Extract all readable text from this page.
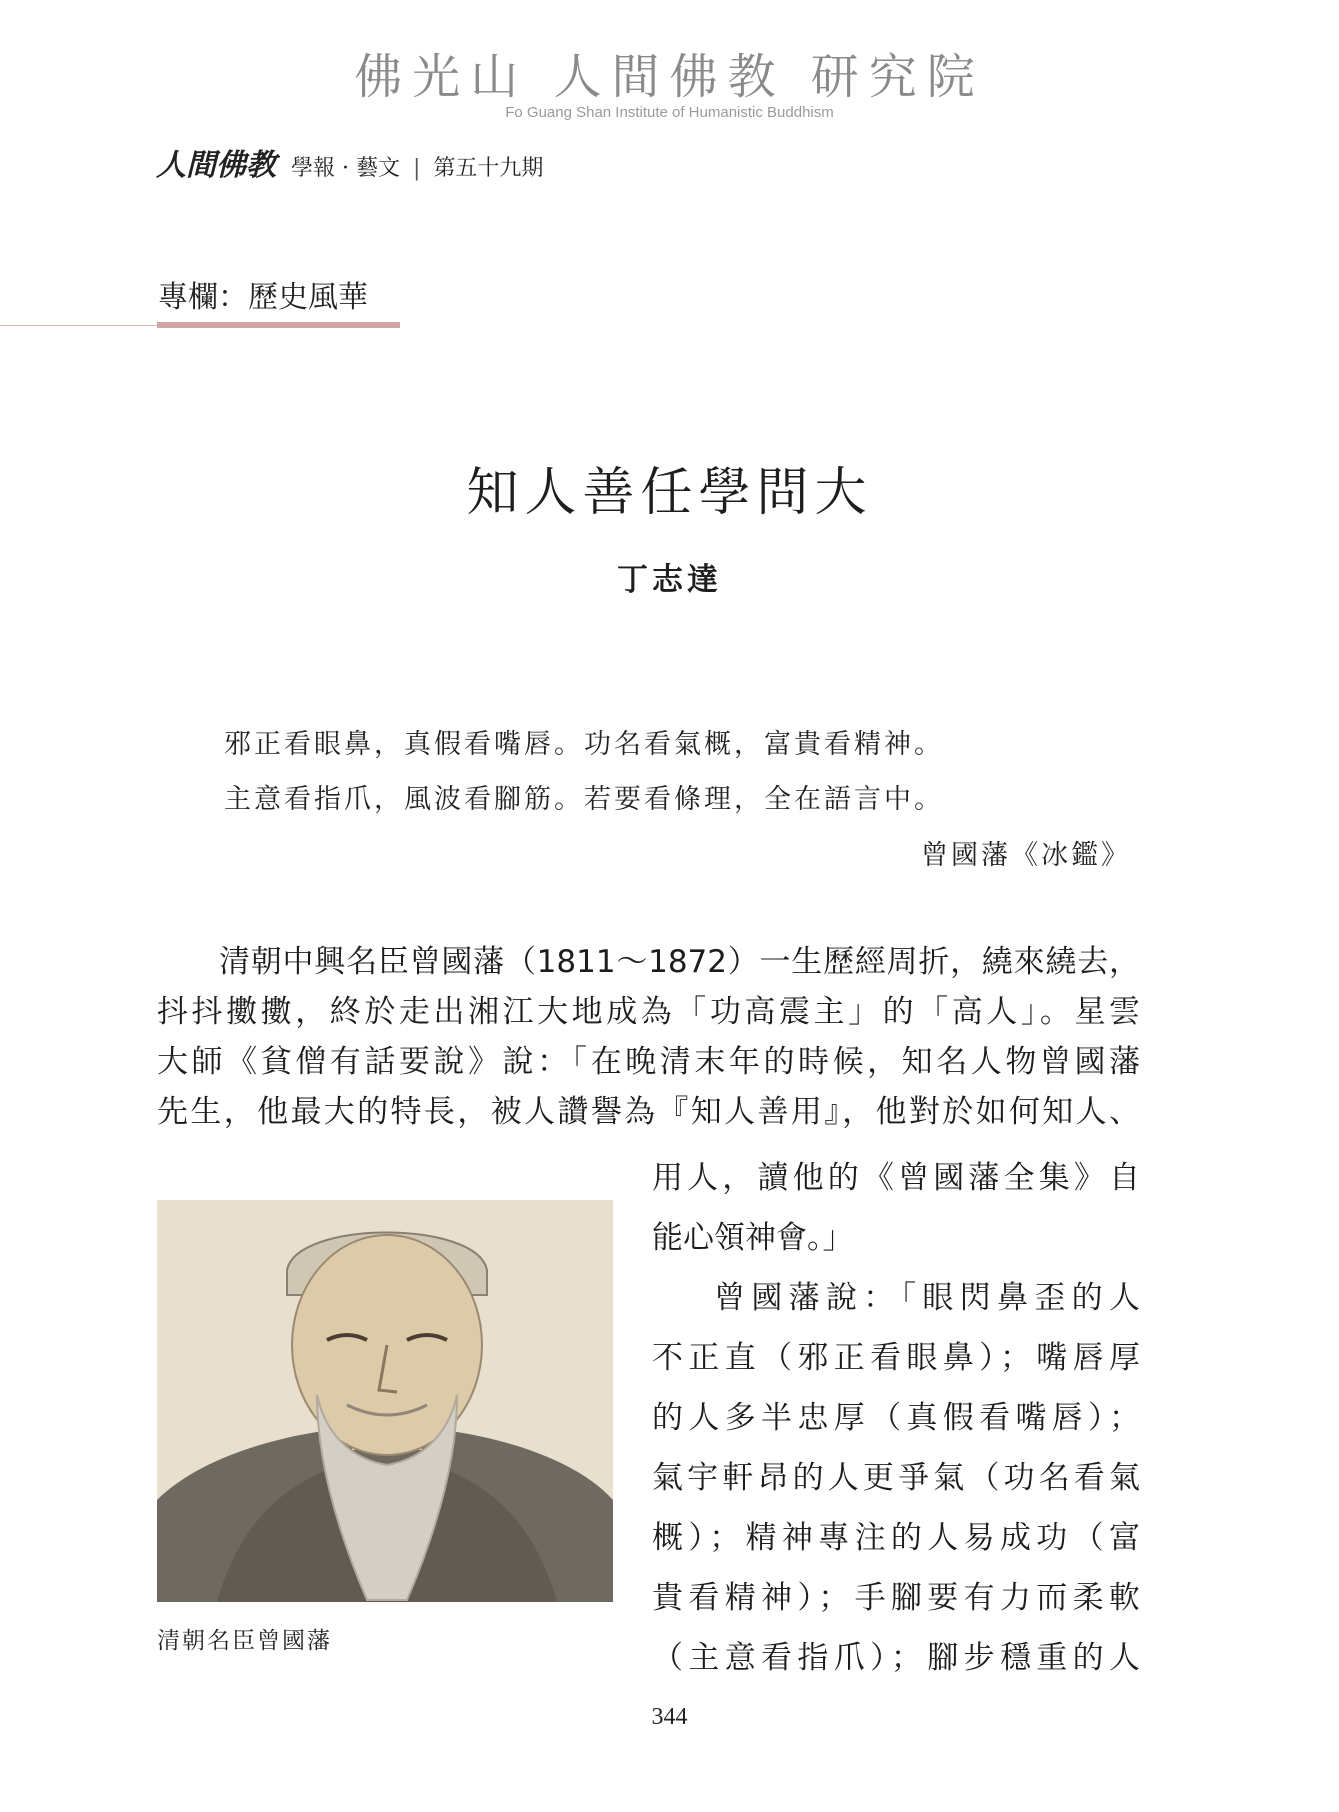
佛光山 人間佛教 研究院
Fo Guang Shan Institute of Humanistic Buddhism
人間佛教 學報 · 藝文 | 第五十九期
專欄：歷史風華
知人善任學問大
丁志達
邪正看眼鼻，真假看嘴唇。功名看氣概，富貴看精神。
主意看指爪，風波看腳筋。若要看條理，全在語言中。
曾國藩《冰鑑》
清朝中興名臣曾國藩（1811～1872）一生歷經周折，繞來繞去，
抖抖擻擻，終於走出湘江大地成為「功高震主」的「高人」。星雲
大師《貧僧有話要說》說：「在晚清末年的時候，知名人物曾國藩
先生，他最大的特長，被人讚譽為『知人善用』，他對於如何知人、
用人，讀他的《曾國藩全集》自
能心領神會。」
曾國藩說：「眼閃鼻歪的人
不正直（邪正看眼鼻）；嘴唇厚
的人多半忠厚（真假看嘴唇）；
氣宇軒昂的人更爭氣（功名看氣
概）；精神專注的人易成功（富
貴看精神）；手腳要有力而柔軟
（主意看指爪）；腳步穩重的人
清朝名臣曾國藩
344
